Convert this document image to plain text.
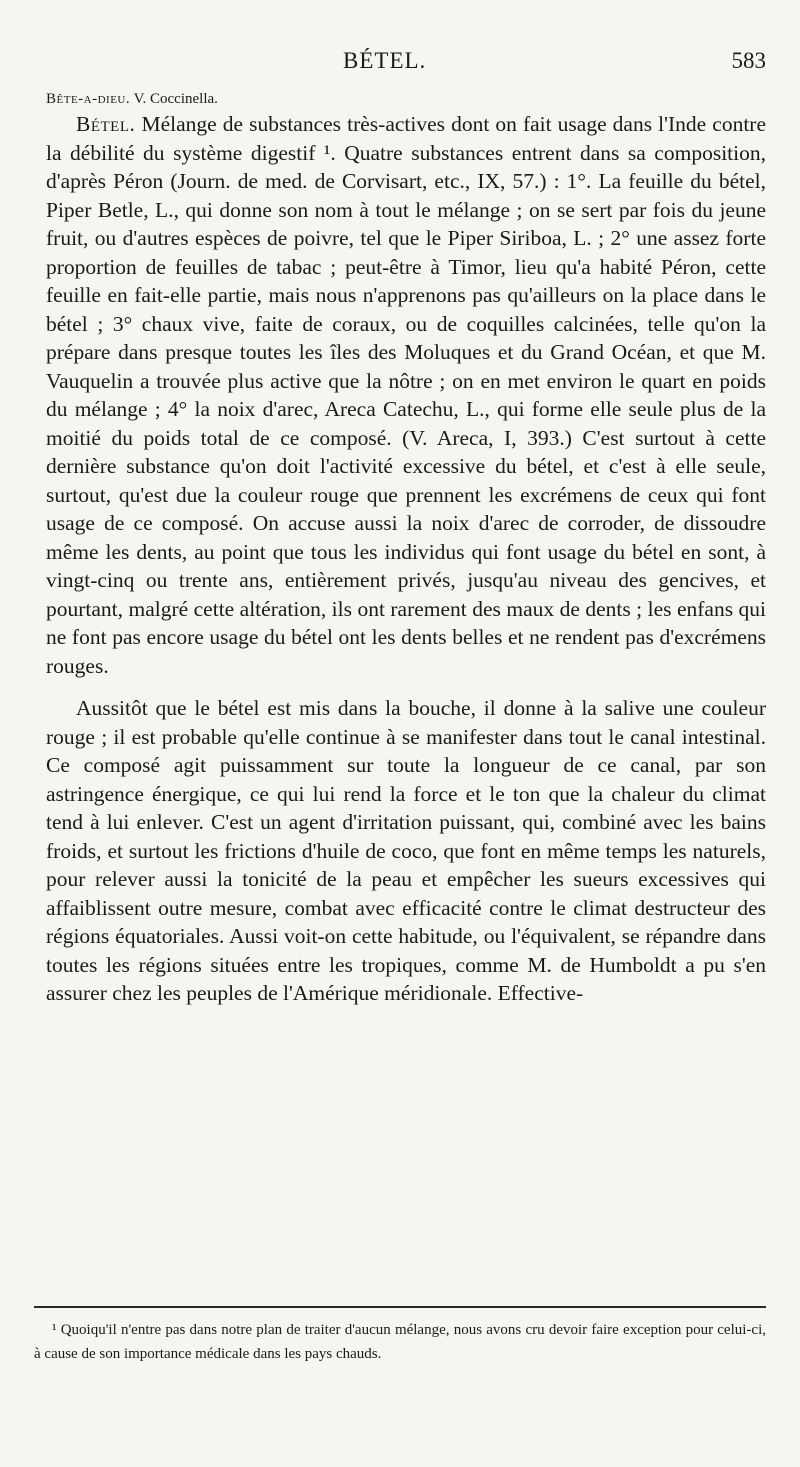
BÉTEL.	583

Bête-a-dieu. V. Coccinella.

Bétel. Mélange de substances très-actives dont on fait usage dans l'Inde contre la débilité du système digestif ¹. Quatre substances entrent dans sa composition, d'après Péron (Journ. de med. de Corvisart, etc., IX, 57.) : 1°. La feuille du bétel, Piper Betle, L., qui donne son nom à tout le mélange ; on se sert par fois du jeune fruit, ou d'autres espèces de poivre, tel que le Piper Siriboa, L. ; 2° une assez forte proportion de feuilles de tabac ; peut-être à Timor, lieu qu'a habité Péron, cette feuille en fait-elle partie, mais nous n'apprenons pas qu'ailleurs on la place dans le bétel ; 3° chaux vive, faite de coraux, ou de coquilles calcinées, telle qu'on la prépare dans presque toutes les îles des Moluques et du Grand Océan, et que M. Vauquelin a trouvée plus active que la nôtre ; on en met environ le quart en poids du mélange ; 4° la noix d'arec, Areca Catechu, L., qui forme elle seule plus de la moitié du poids total de ce composé. (V. Areca, I, 393.) C'est surtout à cette dernière substance qu'on doit l'activité excessive du bétel, et c'est à elle seule, surtout, qu'est due la couleur rouge que prennent les excrémens de ceux qui font usage de ce composé. On accuse aussi la noix d'arec de corroder, de dissoudre même les dents, au point que tous les individus qui font usage du bétel en sont, à vingt-cinq ou trente ans, entièrement privés, jusqu'au niveau des gencives, et pourtant, malgré cette altération, ils ont rarement des maux de dents ; les enfans qui ne font pas encore usage du bétel ont les dents belles et ne rendent pas d'excrémens rouges.

Aussitôt que le bétel est mis dans la bouche, il donne à la salive une couleur rouge ; il est probable qu'elle continue à se manifester dans tout le canal intestinal. Ce composé agit puissamment sur toute la longueur de ce canal, par son astringence énergique, ce qui lui rend la force et le ton que la chaleur du climat tend à lui enlever. C'est un agent d'irritation puissant, qui, combiné avec les bains froids, et surtout les frictions d'huile de coco, que font en même temps les naturels, pour relever aussi la tonicité de la peau et empêcher les sueurs excessives qui affaiblissent outre mesure, combat avec efficacité contre le climat destructeur des régions équatoriales. Aussi voit-on cette habitude, ou l'équivalent, se répandre dans toutes les régions situées entre les tropiques, comme M. de Humboldt a pu s'en assurer chez les peuples de l'Amérique méridionale. Effective-

¹ Quoiqu'il n'entre pas dans notre plan de traiter d'aucun mélange, nous avons cru devoir faire exception pour celui-ci, à cause de son importance médicale dans les pays chauds.
